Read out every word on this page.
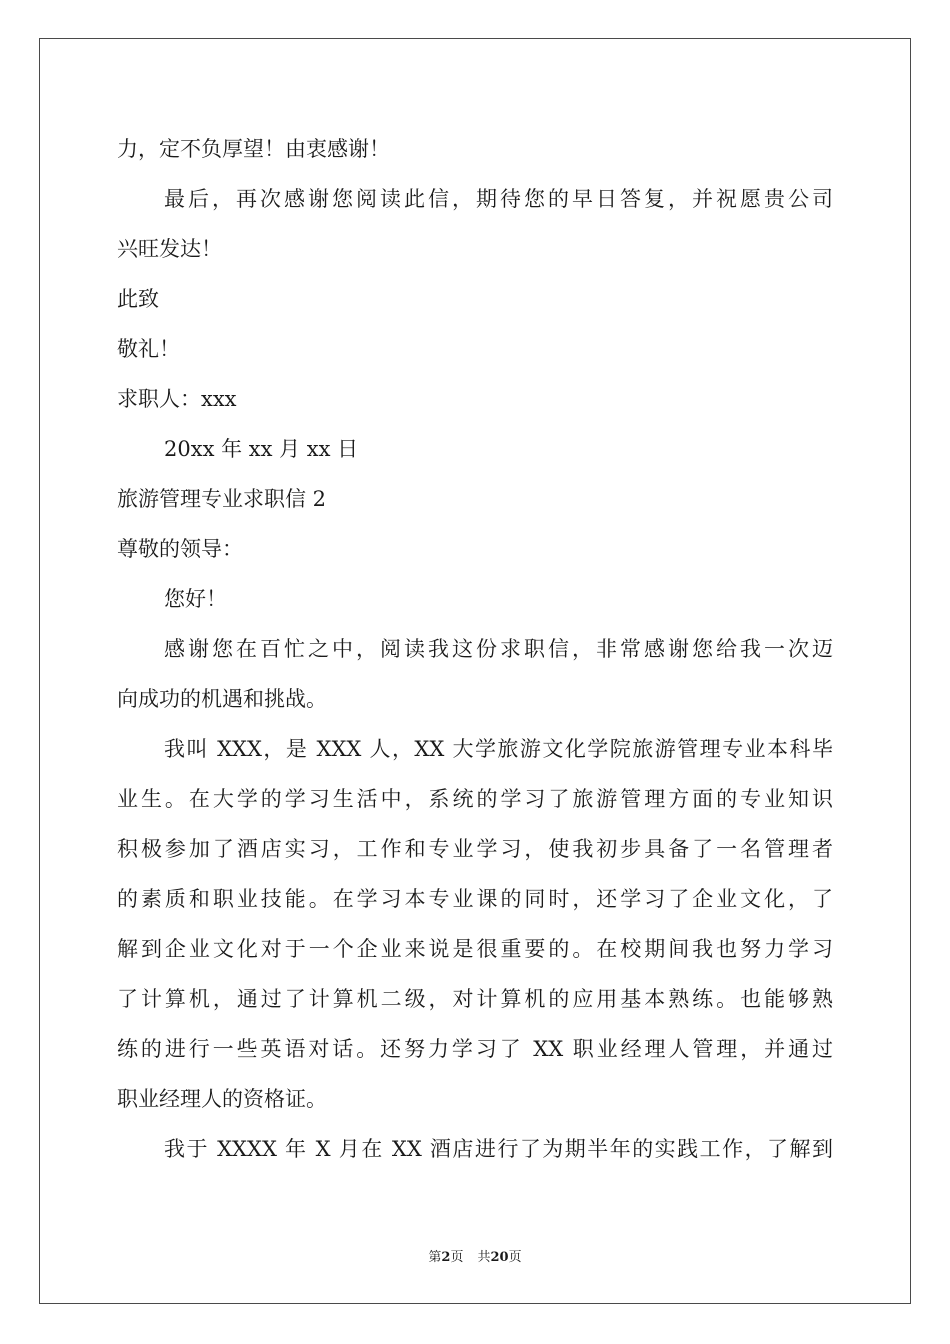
力，定不负厚望！由衷感谢！
最后，再次感谢您阅读此信，期待您的早日答复，并祝愿贵公司
兴旺发达！
此致
敬礼！
求职人：xxx
20xx 年 xx 月 xx 日
旅游管理专业求职信 2
尊敬的领导：
您好！
感谢您在百忙之中，阅读我这份求职信，非常感谢您给我一次迈
向成功的机遇和挑战。
我叫 XXX，是 XXX 人，XX 大学旅游文化学院旅游管理专业本科毕
业生。在大学的学习生活中，系统的学习了旅游管理方面的专业知识
积极参加了酒店实习，工作和专业学习，使我初步具备了一名管理者
的素质和职业技能。在学习本专业课的同时，还学习了企业文化，了
解到企业文化对于一个企业来说是很重要的。在校期间我也努力学习
了计算机，通过了计算机二级，对计算机的应用基本熟练。也能够熟
练的进行一些英语对话。还努力学习了 XX 职业经理人管理，并通过
职业经理人的资格证。
我于 XXXX 年 X 月在 XX 酒店进行了为期半年的实践工作，了解到
第2页 共20页
